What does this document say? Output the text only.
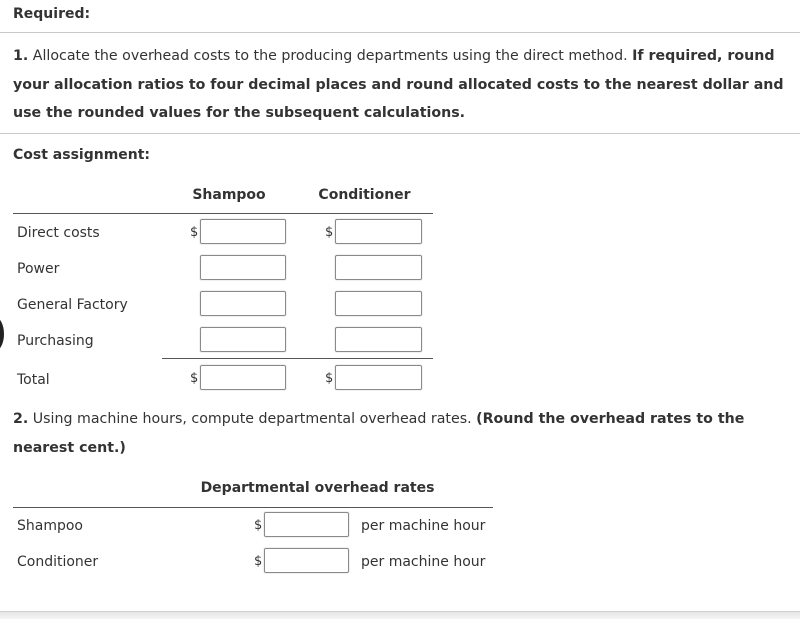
Required:
1. Allocate the overhead costs to the producing departments using the direct method. If required, round
your allocation ratios to four decimal places and round allocated costs to the nearest dollar and
use the rounded values for the subsequent calculations.
Cost assignment:
Shampoo	Conditioner
Direct costs	$	$
Power
General Factory
Purchasing
Total	$	$
2. Using machine hours, compute departmental overhead rates. (Round the overhead rates to the
nearest cent.)
Departmental overhead rates
Shampoo	$	per machine hour
Conditioner	$	per machine hour
